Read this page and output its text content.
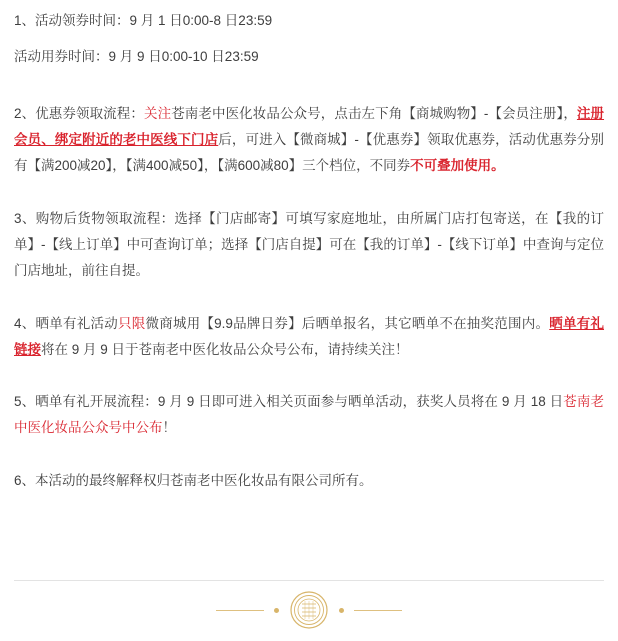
1、活动领券时间：9 月 1 日0:00-8 日23:59

活动用券时间：9 月 9 日0:00-10 日23:59

2、优惠券领取流程：关注苍南老中医化妆品公众号，点击左下角【商城购物】-【会员注册】，注册会员、绑定附近的老中医线下门店后，可进入【微商城】-【优惠券】领取优惠券，活动优惠券分别有【满200减20】，【满400减50】，【满600减80】三个档位，不同券不可叠加使用。

3、购物后货物领取流程：选择【门店邮寄】可填写家庭地址，由所属门店打包寄送，在【我的订单】-【线上订单】中可查询订单；选择【门店自提】可在【我的订单】-【线下订单】中查询与定位门店地址，前往自提。

4、晒单有礼活动只限微商城用【9.9品牌日券】后晒单报名，其它晒单不在抽奖范围内。晒单有礼链接将在 9 月 9 日于苍南老中医化妆品公众号公布，请持续关注！

5、晒单有礼开展流程：9 月 9 日即可进入相关页面参与晒单活动，获奖人员将在 9 月 18 日苍南老中医化妆品公众号中公布！

6、本活动的最终解释权归苍南老中医化妆品有限公司所有。
